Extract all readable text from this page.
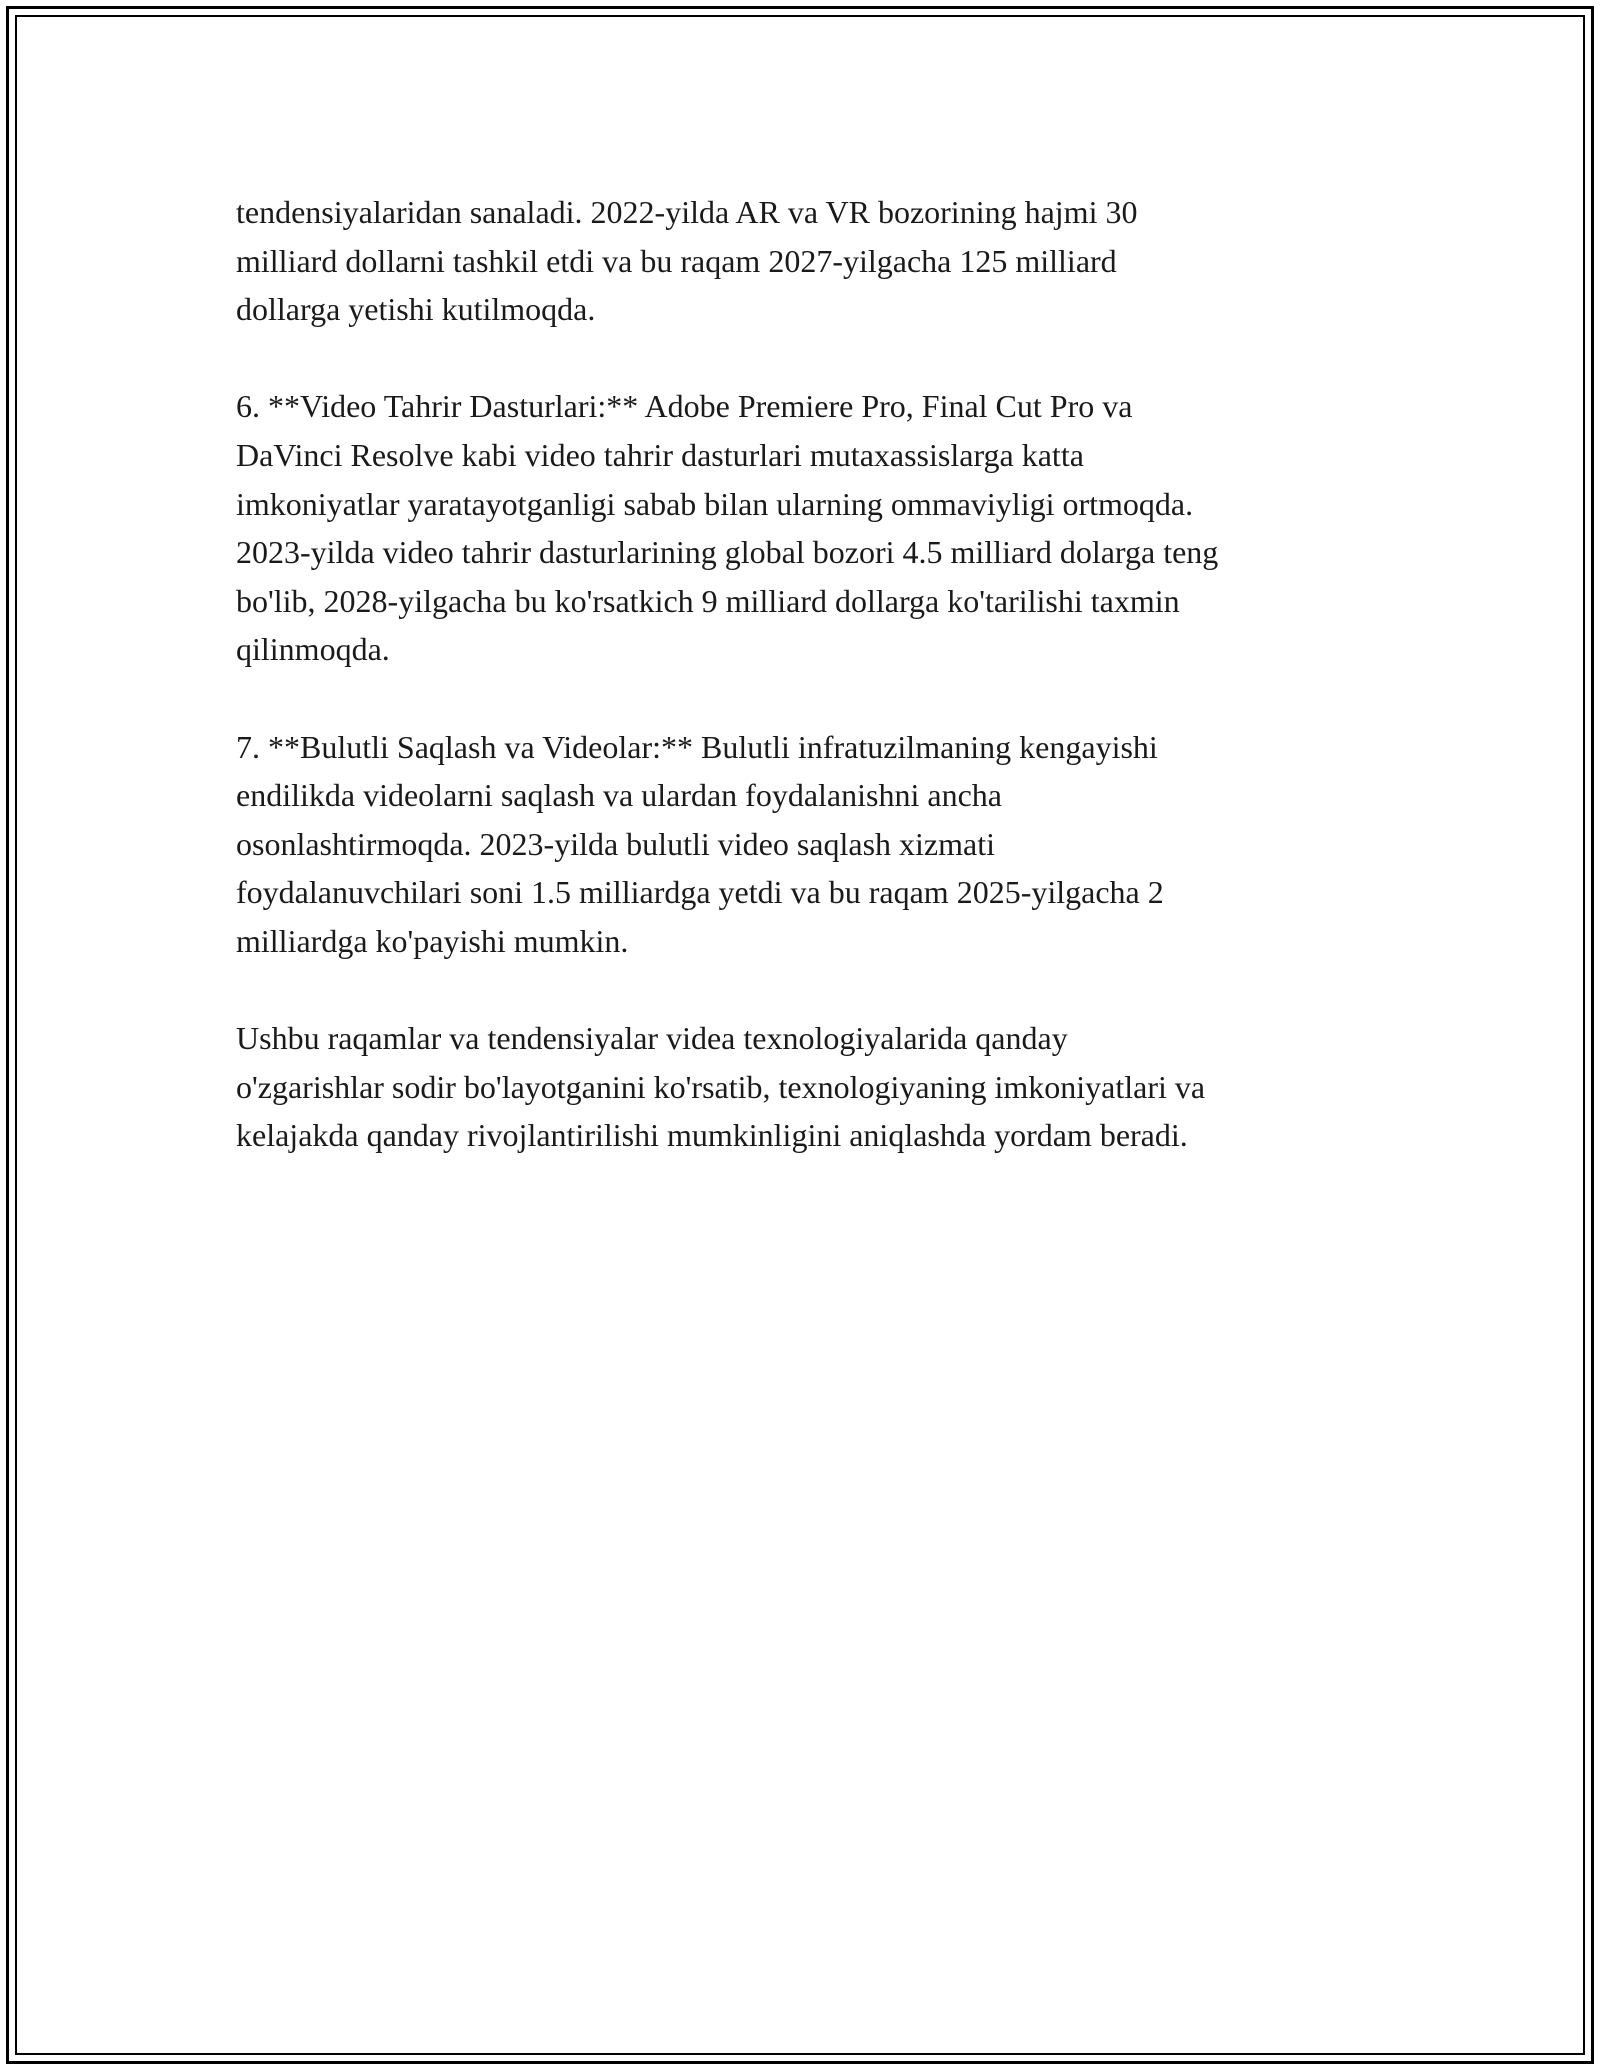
tendensiyalaridan sanaladi. 2022-yilda AR va VR bozorining hajmi 30
milliard dollarni tashkil etdi va bu raqam 2027-yilgacha 125 milliard
dollarga yetishi kutilmoqda.

6. **Video Tahrir Dasturlari:** Adobe Premiere Pro, Final Cut Pro va
DaVinci Resolve kabi video tahrir dasturlari mutaxassislarga katta
imkoniyatlar yaratayotganligi sabab bilan ularning ommaviyligi ortmoqda.
2023-yilda video tahrir dasturlarining global bozori 4.5 milliard dolarga teng
bo'lib, 2028-yilgacha bu ko'rsatkich 9 milliard dollarga ko'tarilishi taxmin
qilinmoqda.

7. **Bulutli Saqlash va Videolar:** Bulutli infratuzilmaning kengayishi
endilikda videolarni saqlash va ulardan foydalanishni ancha
osonlashtirmoqda. 2023-yilda bulutli video saqlash xizmati
foydalanuvchilari soni 1.5 milliardga yetdi va bu raqam 2025-yilgacha 2
milliardga ko'payishi mumkin.

Ushbu raqamlar va tendensiyalar videa texnologiyalarida qanday
o'zgarishlar sodir bo'layotganini ko'rsatib, texnologiyaning imkoniyatlari va
kelajakda qanday rivojlantirilishi mumkinligini aniqlashda yordam beradi.
